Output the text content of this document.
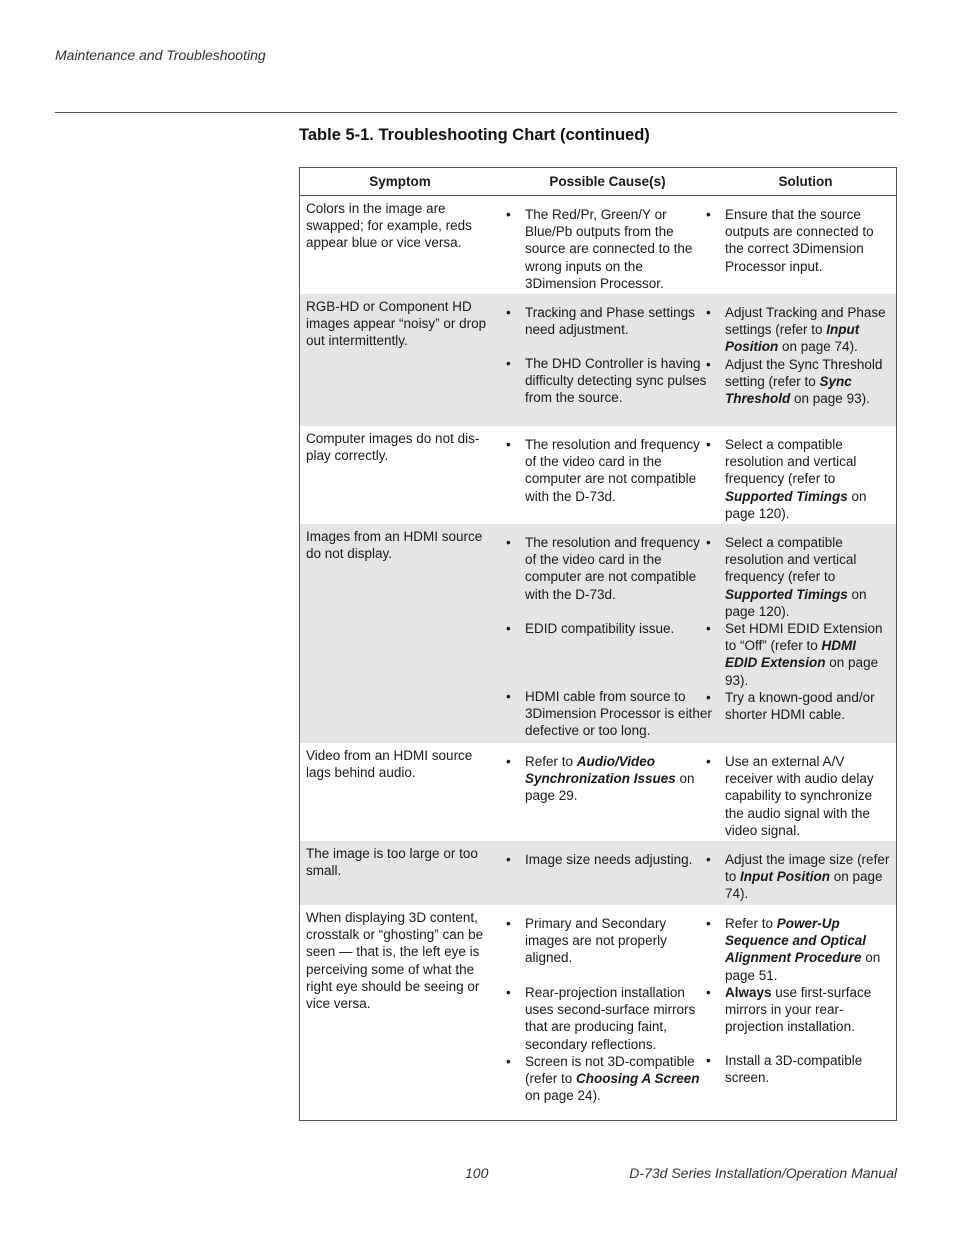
Maintenance and Troubleshooting
Table 5-1. Troubleshooting Chart (continued)
Symptom	Possible Cause(s)	Solution
Colors in the image are swapped; for example, reds appear blue or vice versa.
• The Red/Pr, Green/Y or Blue/Pb outputs from the source are connected to the wrong inputs on the 3Dimension Processor.
• Ensure that the source outputs are connected to the correct 3Dimension Processor input.
RGB-HD or Component HD images appear “noisy” or drop out intermittently.
• Tracking and Phase settings need adjustment.
• The DHD Controller is having difficulty detecting sync pulses from the source.
• Adjust Tracking and Phase settings (refer to Input Position on page 74).
• Adjust the Sync Threshold setting (refer to Sync Threshold on page 93).
Computer images do not dis-play correctly.
• The resolution and frequency of the video card in the computer are not compatible with the D-73d.
• Select a compatible resolution and vertical frequency (refer to Supported Timings on page 120).
Images from an HDMI source do not display.
• The resolution and frequency of the video card in the computer are not compatible with the D-73d.
• EDID compatibility issue.
• HDMI cable from source to 3Dimension Processor is either defective or too long.
• Select a compatible resolution and vertical frequency (refer to Supported Timings on page 120).
• Set HDMI EDID Extension to “Off” (refer to HDMI EDID Extension on page 93).
• Try a known-good and/or shorter HDMI cable.
Video from an HDMI source lags behind audio.
• Refer to Audio/Video Synchronization Issues on page 29.
• Use an external A/V receiver with audio delay capability to synchronize the audio signal with the video signal.
The image is too large or too small.
• Image size needs adjusting.
•	Adjust the image size (refer to Input Position on page 74).
When displaying 3D content, crosstalk or “ghosting” can be seen — that is, the left eye is perceiving some of what the right eye should be seeing or vice versa.
• Primary and Secondary images are not properly aligned.
• Rear-projection installation uses second-surface mirrors that are producing faint, secondary reflections.
• Screen is not 3D-compatible (refer to Choosing A Screen on page 24).
• Refer to Power-Up Sequence and Optical Alignment Procedure on page 51.
• Always use first-surface mirrors in your rear-projection installation.
• Install a 3D-compatible screen.
100	D-73d Series Installation/Operation Manual
